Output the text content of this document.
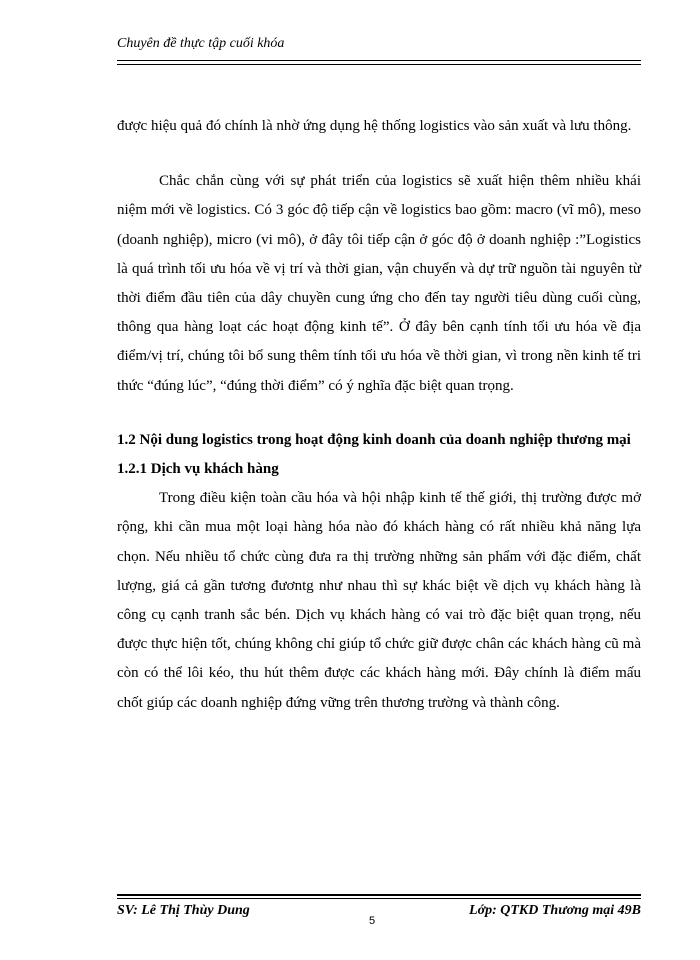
Chuyên đề thực tập cuối khóa

được hiệu quả đó chính là nhờ ứng dụng hệ thống logistics vào sản xuất và lưu thông.

Chắc chắn cùng với sự phát triển của logistics sẽ xuất hiện thêm nhiều khái niệm mới về logistics. Có 3 góc độ tiếp cận về logistics bao gồm: macro (vĩ mô), meso (doanh nghiệp), micro (vi mô), ở đây tôi tiếp cận ở góc độ ở doanh nghiệp :”Logistics là quá trình tối ưu hóa về vị trí và thời gian, vận chuyển và dự trữ nguồn tài nguyên từ thời điểm đầu tiên của dây chuyền cung ứng cho đến tay người tiêu dùng cuối cùng, thông qua hàng loạt các hoạt động kinh tế”. Ở đây bên cạnh tính tối ưu hóa về địa điểm/vị trí, chúng tôi bổ sung thêm tính tối ưu hóa về thời gian, vì trong nền kinh tế tri thức “đúng lúc”, “đúng thời điểm” có ý nghĩa đặc biệt quan trọng.

1.2 Nội dung logistics trong hoạt động kinh doanh của doanh nghiệp thương mại
1.2.1 Dịch vụ khách hàng

Trong điều kiện toàn cầu hóa và hội nhập kinh tế thế giới, thị trường được mở rộng, khi cần mua một loại hàng hóa nào đó khách hàng có rất nhiều khả năng lựa chọn. Nếu nhiều tổ chức cùng đưa ra thị trường những sản phẩm với đặc điểm, chất lượng, giá cả gần tương đươntg như nhau thì sự khác biệt về dịch vụ khách hàng là công cụ cạnh tranh sắc bén. Dịch vụ khách hàng có vai trò đặc biệt quan trọng, nếu được thực hiện tốt, chúng không chỉ giúp tổ chức giữ được chân các khách hàng cũ mà còn có thể lôi kéo, thu hút thêm được các khách hàng mới. Đây chính là điểm mấu chốt giúp các doanh nghiệp đứng vững trên thương trường và thành công.

SV: Lê Thị Thùy Dung	Lớp: QTKD Thương mại 49B
5
